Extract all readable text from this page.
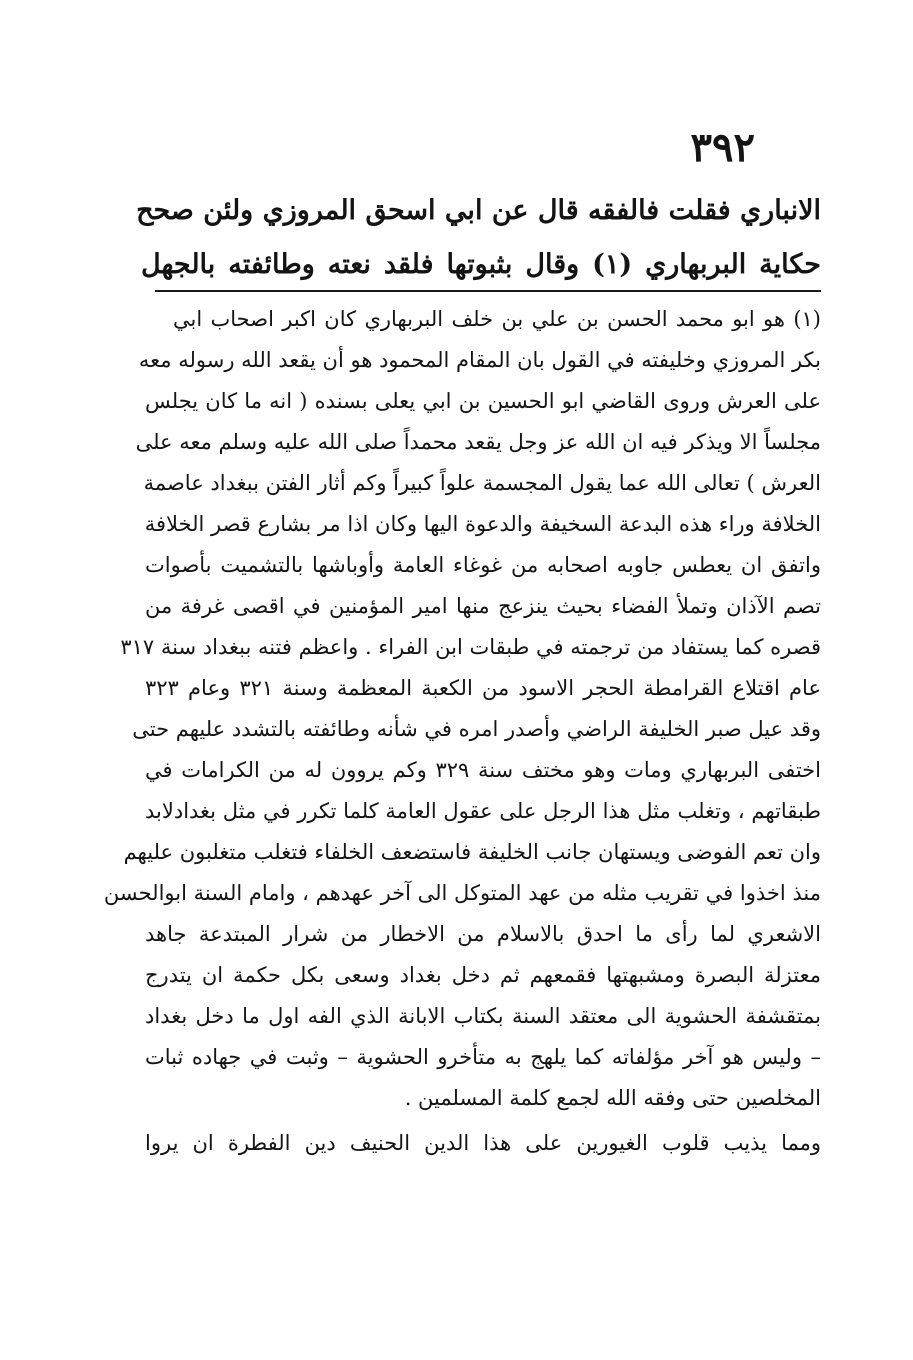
٣٩٢
الانباري فقلت فالفقه قال عن ابي اسحق المروزي ولئن صحح
حكاية البربهاري (١) وقال بثبوتها فلقد نعته وطائفته بالجهل
(١) هو ابو محمد الحسن بن علي بن خلف البربهاري كان اكبر اصحاب ابي
بكر المروزي وخليفته في القول بان المقام المحمود هو أن يقعد الله رسوله معه
على العرش وروى القاضي ابو الحسين بن ابي يعلى بسنده ( انه ما كان يجلس
مجلساً الا ويذكر فيه ان الله عز وجل يقعد محمداً صلى الله عليه وسلم معه على
العرش ) تعالى الله عما يقول المجسمة علواً كبيراً وكم أثار الفتن ببغداد عاصمة
الخلافة وراء هذه البدعة السخيفة والدعوة اليها وكان اذا مر بشارع قصر الخلافة
واتفق ان يعطس جاوبه اصحابه من غوغاء العامة وأوباشها بالتشميت بأصوات
تصم الآذان وتملأ الفضاء بحيث ينزعج منها امير المؤمنين في اقصى غرفة من
قصره كما يستفاد من ترجمته في طبقات ابن الفراء . واعظم فتنه ببغداد سنة ٣١٧
عام اقتلاع القرامطة الحجر الاسود من الكعبة المعظمة وسنة ٣٢١ وعام ٣٢٣
وقد عيل صبر الخليفة الراضي وأصدر امره في شأنه وطائفته بالتشدد عليهم حتى
اختفى البربهاري ومات وهو مختف سنة ٣٢٩ وكم يروون له من الكرامات في
طبقاتهم ، وتغلب مثل هذا الرجل على عقول العامة كلما تكرر في مثل بغدادلابد
وان تعم الفوضى ويستهان جانب الخليفة فاستضعف الخلفاء فتغلب متغلبون عليهم
منذ اخذوا في تقريب مثله من عهد المتوكل الى آخر عهدهم ، وامام السنة ابوالحسن
الاشعري لما رأى ما احدق بالاسلام من الاخطار من شرار المبتدعة جاهد
معتزلة البصرة ومشبهتها فقمعهم ثم دخل بغداد وسعى بكل حكمة ان يتدرج
بمتقشفة الحشوية الى معتقد السنة بكتاب الابانة الذي الفه اول ما دخل بغداد
– وليس هو آخر مؤلفاته كما يلهج به متأخرو الحشوية – وثبت في جهاده ثبات
المخلصين حتى وفقه الله لجمع كلمة المسلمين .
ومما يذيب قلوب الغيورين على هذا الدين الحنيف دين الفطرة ان يروا
